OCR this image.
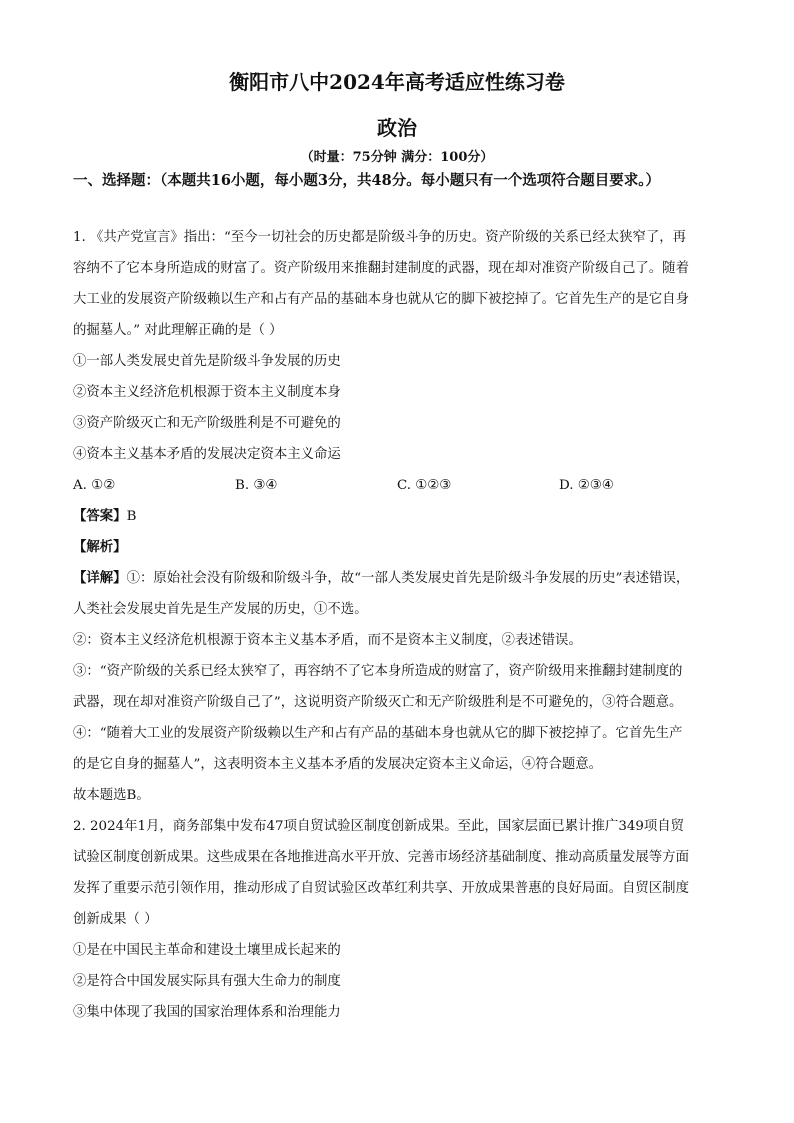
衡阳市八中2024年高考适应性练习卷
政治
（时量：75分钟 满分：100分）

一、选择题：（本题共16小题，每小题3分，共48分。每小题只有一个选项符合题目要求。）

1. 《共产党宣言》指出：“至今一切社会的历史都是阶级斗争的历史。资产阶级的关系已经太狭窄了，再

容纳不了它本身所造成的财富了。资产阶级用来推翻封建制度的武器，现在却对准资产阶级自己了。随着

大工业的发展资产阶级赖以生产和占有产品的基础本身也就从它的脚下被挖掉了。它首先生产的是它自身

的掘墓人。” 对此理解正确的是（ ）

①一部人类发展史首先是阶级斗争发展的历史

②资本主义经济危机根源于资本主义制度本身

③资产阶级灭亡和无产阶级胜利是不可避免的

④资本主义基本矛盾的发展决定资本主义命运

A. ①②	B. ③④	C. ①②③	D. ②③④

【答案】B

【解析】

【详解】①：原始社会没有阶级和阶级斗争，故“一部人类发展史首先是阶级斗争发展的历史”表述错误，

人类社会发展史首先是生产发展的历史，①不选。

②：资本主义经济危机根源于资本主义基本矛盾，而不是资本主义制度，②表述错误。

③：“资产阶级的关系已经太狭窄了，再容纳不了它本身所造成的财富了，资产阶级用来推翻封建制度的

武器，现在却对准资产阶级自己了”，这说明资产阶级灭亡和无产阶级胜利是不可避免的，③符合题意。

④：“随着大工业的发展资产阶级赖以生产和占有产品的基础本身也就从它的脚下被挖掉了。它首先生产

的是它自身的掘墓人”，这表明资本主义基本矛盾的发展决定资本主义命运，④符合题意。

故本题选B。

2. 2024年1月，商务部集中发布47项自贸试验区制度创新成果。至此，国家层面已累计推广349项自贸

试验区制度创新成果。这些成果在各地推进高水平开放、完善市场经济基础制度、推动高质量发展等方面

发挥了重要示范引领作用，推动形成了自贸试验区改革红利共享、开放成果普惠的良好局面。自贸区制度

创新成果（ ）

①是在中国民主革命和建设土壤里成长起来的

②是符合中国发展实际具有强大生命力的制度

③集中体现了我国的国家治理体系和治理能力
